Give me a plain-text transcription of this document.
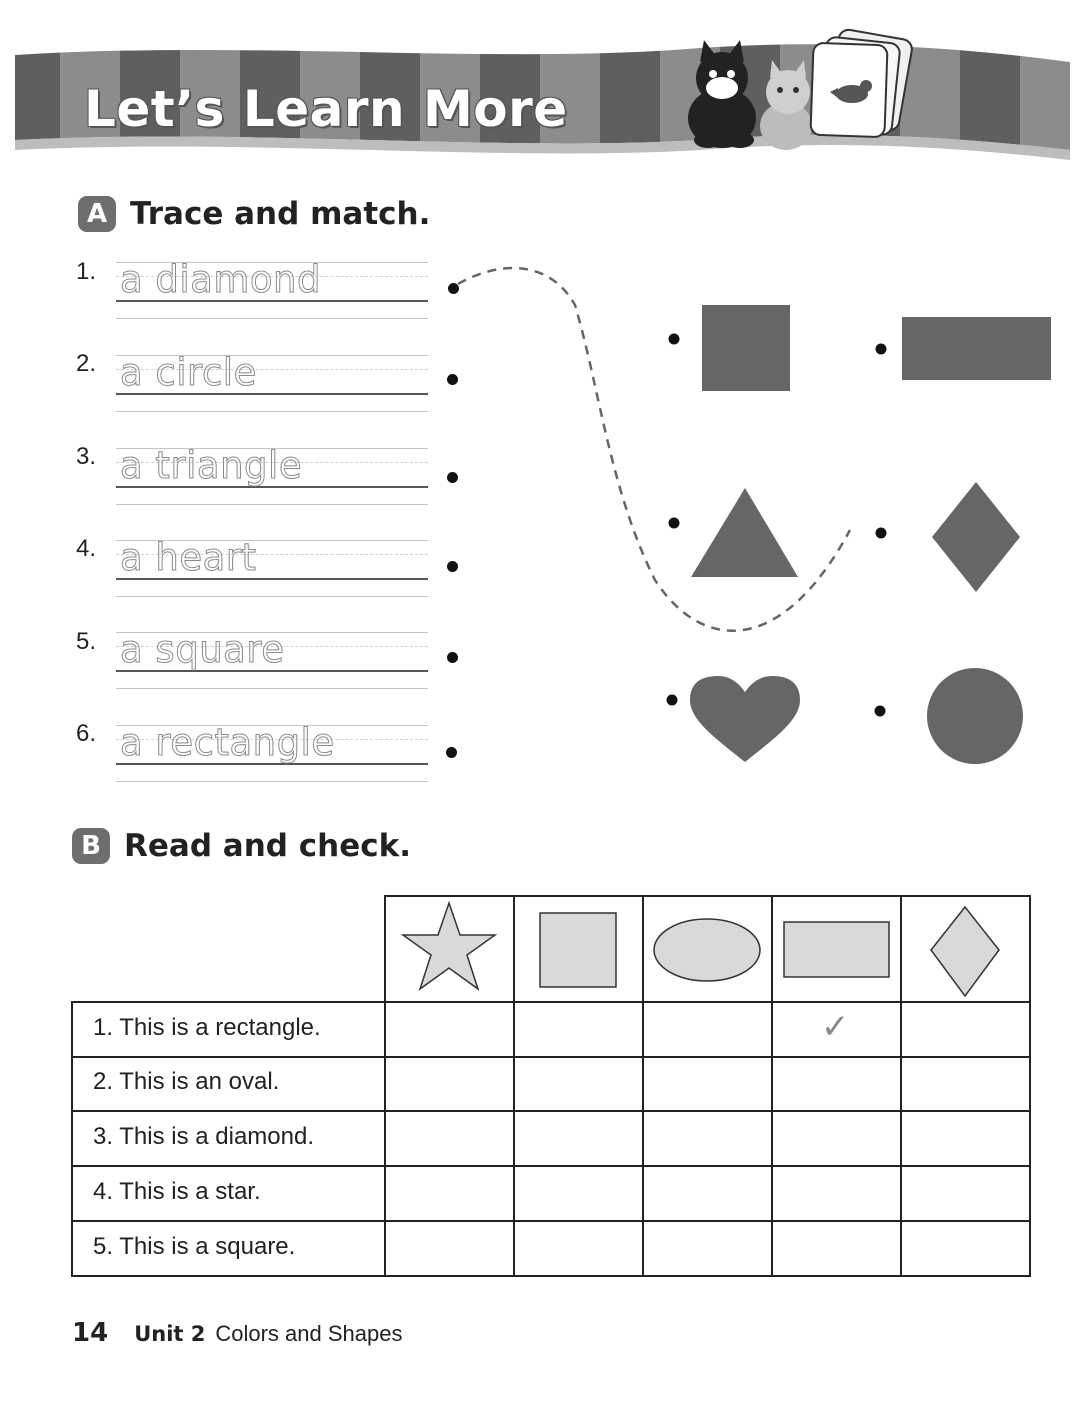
Let’s Learn More
A Trace and match.
1. a diamond
2. a circle
3. a triangle
4. a heart
5. a square
6. a rectangle
B Read and check.
1. This is a rectangle.
2. This is an oval.
3. This is a diamond.
4. This is a star.
5. This is a square.
✓
14 Unit 2 Colors and Shapes
